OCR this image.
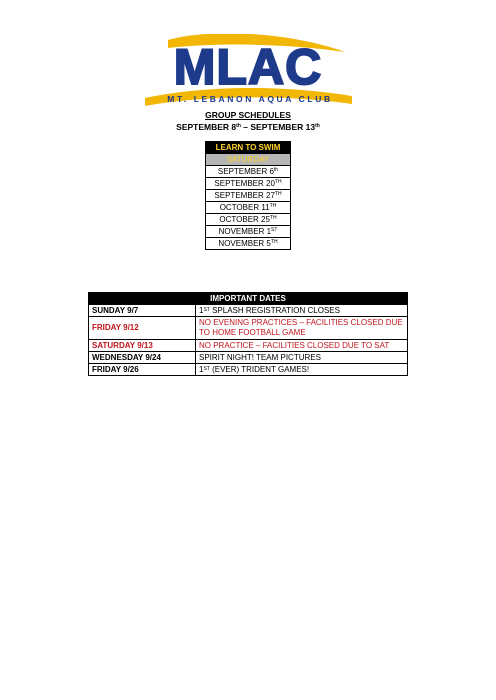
MLAC
MT. LEBANON AQUA CLUB
GROUP SCHEDULES
SEPTEMBER 8th – SEPTEMBER 13th
LEARN TO SWIM
SATURDAY
SEPTEMBER 6th
SEPTEMBER 20TH
SEPTEMBER 27TH
OCTOBER 11TH
OCTOBER 25TH
NOVEMBER 1ST
NOVEMBER 5TH
IMPORTANT DATES	
SUNDAY 9/7	1ST SPLASH REGISTRATION CLOSES
FRIDAY 9/12	NO EVENING PRACTICES – FACILITIES CLOSED DUE TO HOME FOOTBALL GAME
SATURDAY 9/13	NO PRACTICE – FACILITIES CLOSED DUE TO SAT
WEDNESDAY 9/24	SPIRIT NIGHT! TEAM PICTURES
FRIDAY 9/26	1ST (EVER) TRIDENT GAMES!
